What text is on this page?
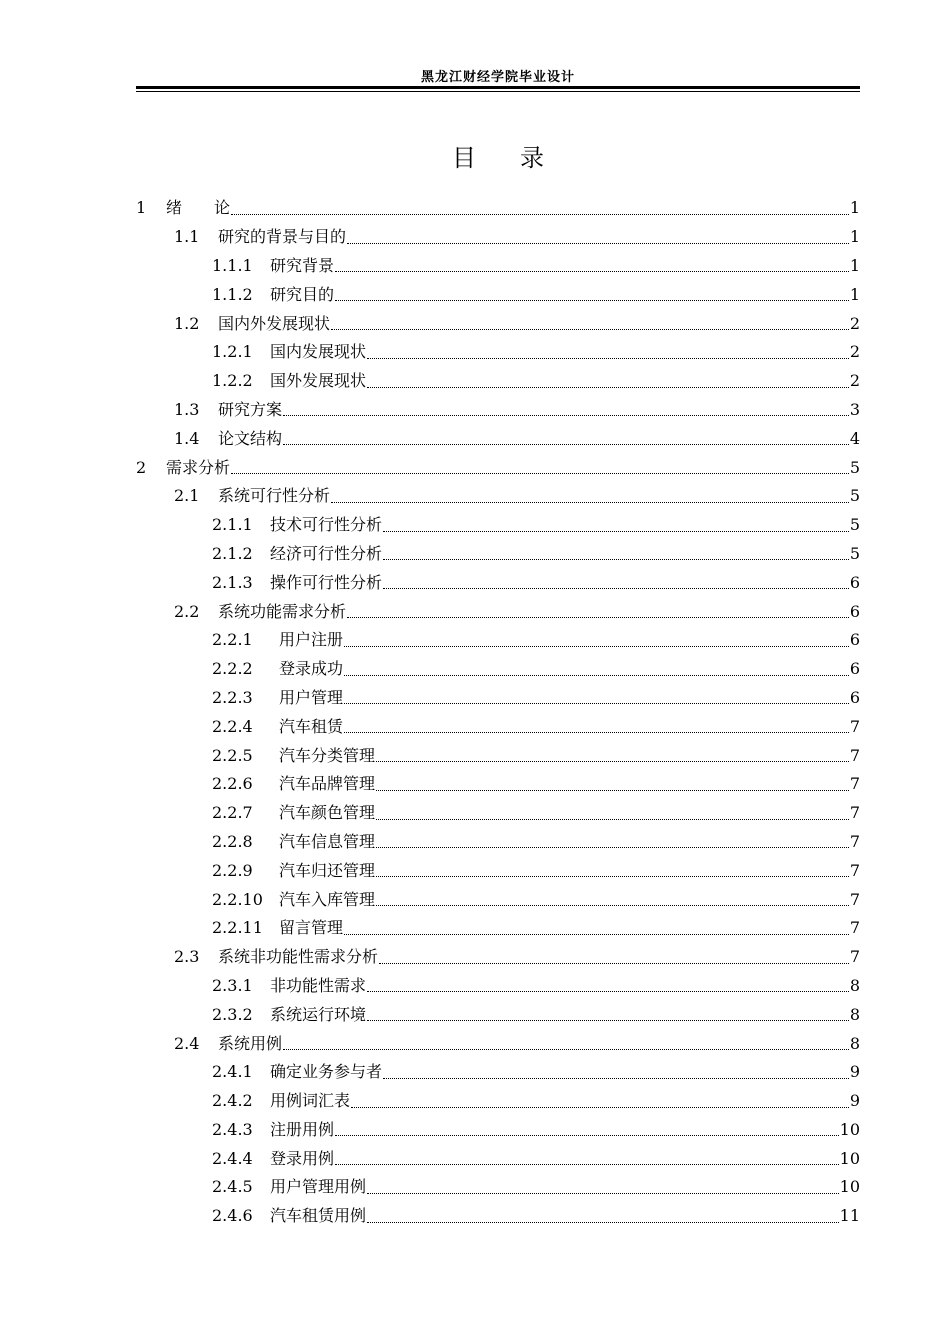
黑龙江财经学院毕业设计
目录
1	绪　　论	1
1.1	研究的背景与目的	1
1.1.1	研究背景	1
1.1.2	研究目的	1
1.2	国内外发展现状	2
1.2.1	国内发展现状	2
1.2.2	国外发展现状	2
1.3	研究方案	3
1.4	论文结构	4
2	需求分析	5
2.1	系统可行性分析	5
2.1.1	技术可行性分析	5
2.1.2	经济可行性分析	5
2.1.3	操作可行性分析	6
2.2	系统功能需求分析	6
2.2.1	用户注册	6
2.2.2	登录成功	6
2.2.3	用户管理	6
2.2.4	汽车租赁	7
2.2.5	汽车分类管理	7
2.2.6	汽车品牌管理	7
2.2.7	汽车颜色管理	7
2.2.8	汽车信息管理	7
2.2.9	汽车归还管理	7
2.2.10	汽车入库管理	7
2.2.11	留言管理	7
2.3	系统非功能性需求分析	7
2.3.1	非功能性需求	8
2.3.2	系统运行环境	8
2.4	系统用例	8
2.4.1	确定业务参与者	9
2.4.2	用例词汇表	9
2.4.3	注册用例	10
2.4.4	登录用例	10
2.4.5	用户管理用例	10
2.4.6	汽车租赁用例	11
